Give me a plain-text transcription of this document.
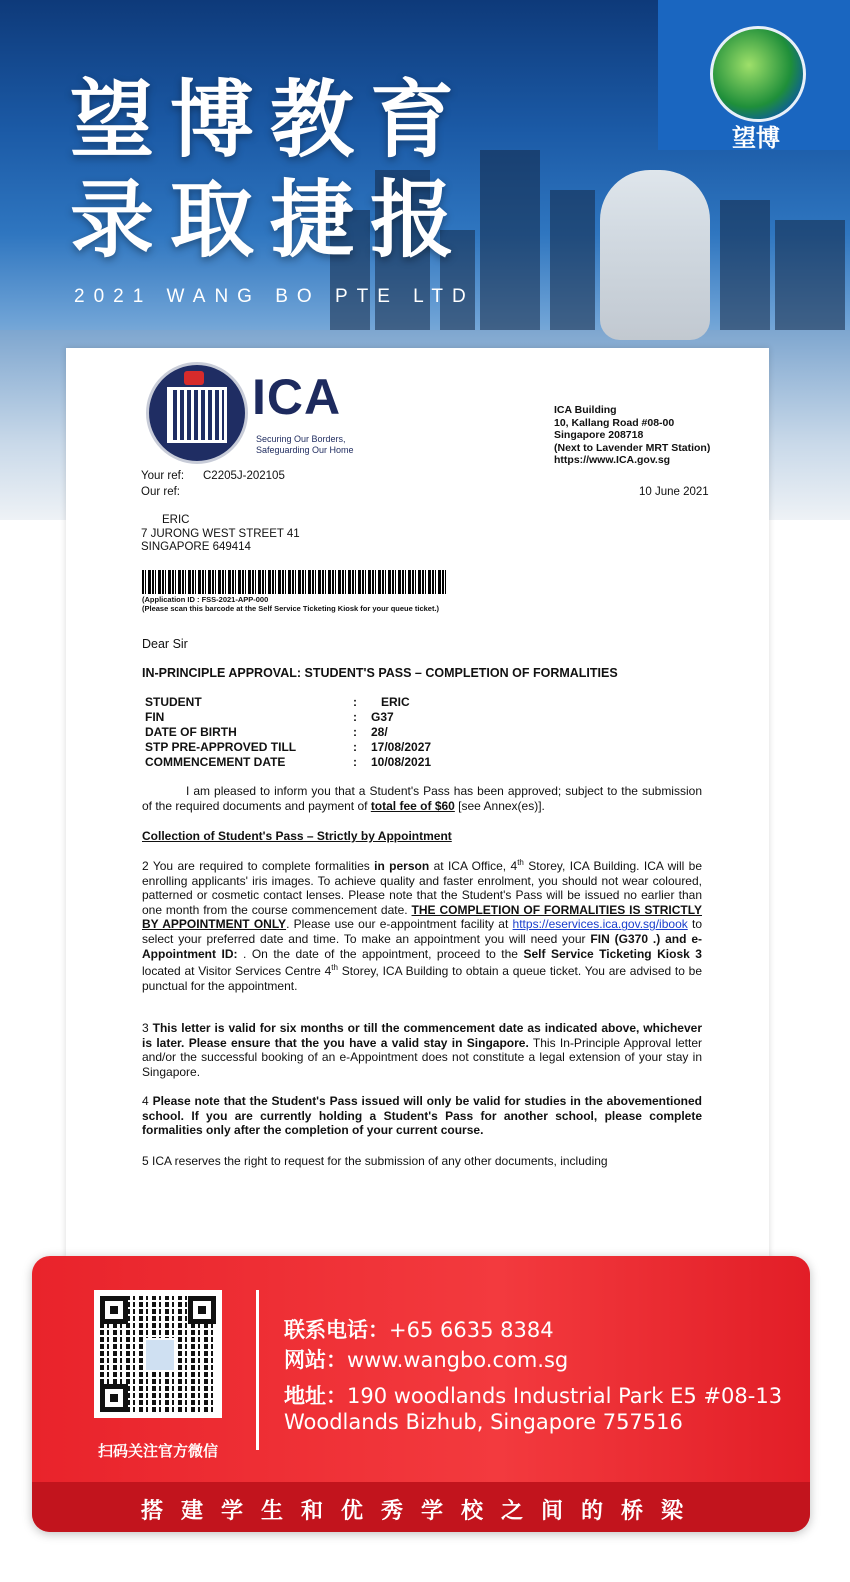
望博
望博教育
录取捷报
2021 WANG BO PTE LTD
ICA
Securing Our Borders,
Safeguarding Our Home
ICA Building
10, Kallang Road #08-00
Singapore 208718
(Next to Lavender MRT Station)
https://www.ICA.gov.sg
Your ref: C2205J-202105
Our ref:	10 June 2021
ERIC
7 JURONG WEST STREET 41
SINGAPORE 649414
(Application ID : FSS-2021-APP-000
(Please scan this barcode at the Self Service Ticketing Kiosk for your queue ticket.)
Dear Sir
IN-PRINCIPLE APPROVAL: STUDENT'S PASS – COMPLETION OF FORMALITIES
STUDENT	:	ERIC
FIN	:	G37
DATE OF BIRTH	:	28/
STP PRE-APPROVED TILL	:	17/08/2027
COMMENCEMENT DATE	:	10/08/2021
I am pleased to inform you that a Student's Pass has been approved; subject to the submission of the required documents and payment of total fee of $60 [see Annex(es)].
Collection of Student's Pass – Strictly by Appointment
2 You are required to complete formalities in person at ICA Office, 4th Storey, ICA Building. ICA will be enrolling applicants' iris images. To achieve quality and faster enrolment, you should not wear coloured, patterned or cosmetic contact lenses. Please note that the Student's Pass will be issued no earlier than one month from the course commencement date. THE COMPLETION OF FORMALITIES IS STRICTLY BY APPOINTMENT ONLY. Please use our e-appointment facility at https://eservices.ica.gov.sg/ibook to select your preferred date and time. To make an appointment you will need your FIN (G370 .) and e-Appointment ID: . On the date of the appointment, proceed to the Self Service Ticketing Kiosk 3 located at Visitor Services Centre 4th Storey, ICA Building to obtain a queue ticket. You are advised to be punctual for the appointment.
3 This letter is valid for six months or till the commencement date as indicated above, whichever is later. Please ensure that the you have a valid stay in Singapore. This In-Principle Approval letter and/or the successful booking of an e-Appointment does not constitute a legal extension of your stay in Singapore.
4 Please note that the Student's Pass issued will only be valid for studies in the abovementioned school. If you are currently holding a Student's Pass for another school, please complete formalities only after the completion of your current course.
5 ICA reserves the right to request for the submission of any other documents, including
扫码关注官方微信
联系电话：+65 6635 8384
网站：www.wangbo.com.sg
地址：190 woodlands Industrial Park E5 #08-13
Woodlands Bizhub, Singapore 757516
搭建学生和优秀学校之间的桥梁
